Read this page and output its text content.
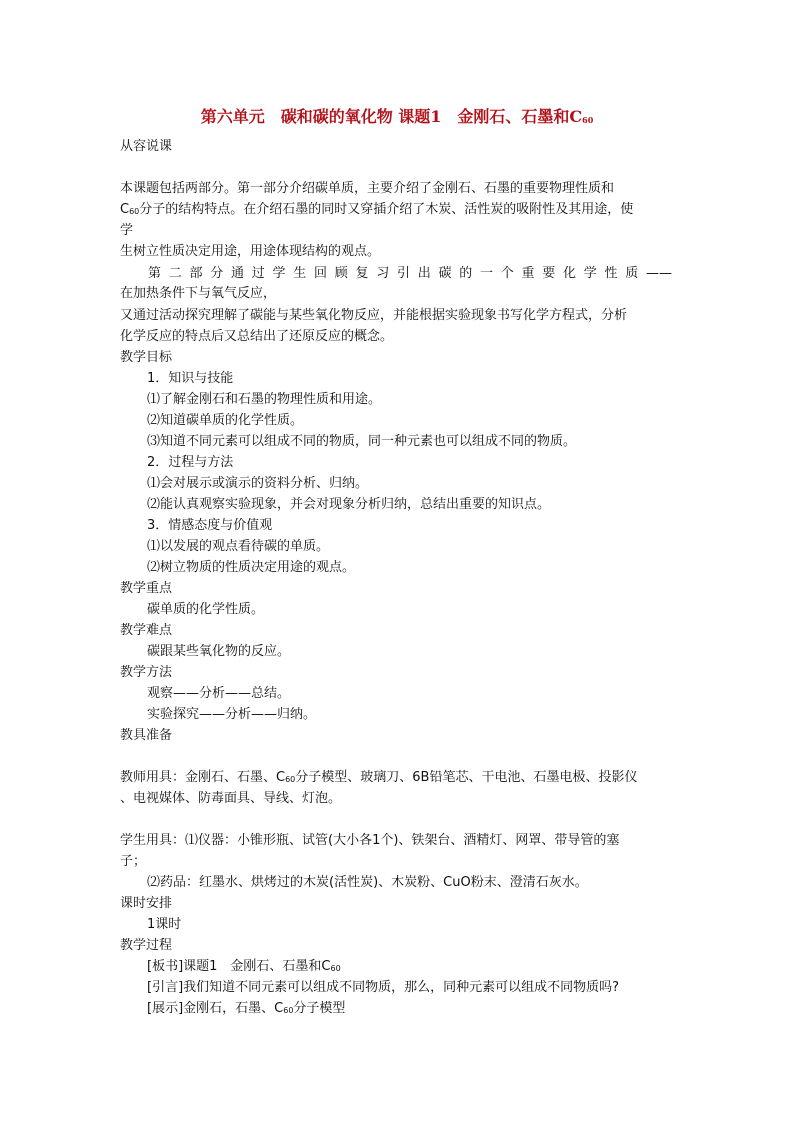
第六单元　碳和碳的氧化物 课题1　金刚石、石墨和$C_{60}$
从容说课
本课题包括两部分。第一部分介绍碳单质，主要介绍了金刚石、石墨的重要物理性质和
$C_{60}$分子的结构特点。在介绍石墨的同时又穿插介绍了木炭、活性炭的吸附性及其用途，使
学
生树立性质决定用途，用途体现结构的观点。
第二部分通过学生回顾复习引出碳的一个重要化学性质——
在加热条件下与氧气反应，
又通过活动探究理解了碳能与某些氧化物反应，并能根据实验现象书写化学方程式，分析
化学反应的特点后又总结出了还原反应的概念。
教学目标
1．知识与技能
⑴了解金刚石和石墨的物理性质和用途。
⑵知道碳单质的化学性质。
⑶知道不同元素可以组成不同的物质，同一种元素也可以组成不同的物质。
2．过程与方法
⑴会对展示或演示的资料分析、归纳。
⑵能认真观察实验现象，并会对现象分析归纳，总结出重要的知识点。
3．情感态度与价值观
⑴以发展的观点看待碳的单质。
⑵树立物质的性质决定用途的观点。
教学重点
碳单质的化学性质。
教学难点
碳跟某些氧化物的反应。
教学方法
观察——分析——总结。
实验探究——分析——归纳。
教具准备
教师用具：金刚石、石墨、$C_{60}$分子模型、玻璃刀、6B铅笔芯、干电池、石墨电极、投影仪
、电视媒体、防毒面具、导线、灯泡。
学生用具：⑴仪器：小锥形瓶、试管(大小各1个)、铁架台、酒精灯、网罩、带导管的塞
子；
⑵药品：红墨水、烘烤过的木炭(活性炭)、木炭粉、CuO粉末、澄清石灰水。
课时安排
1课时
教学过程
[板书]课题1　金刚石、石墨和$C_{60}$
[引言]我们知道不同元素可以组成不同物质，那么，同种元素可以组成不同物质吗?
[展示]金刚石，石墨、$C_{60}$分子模型
